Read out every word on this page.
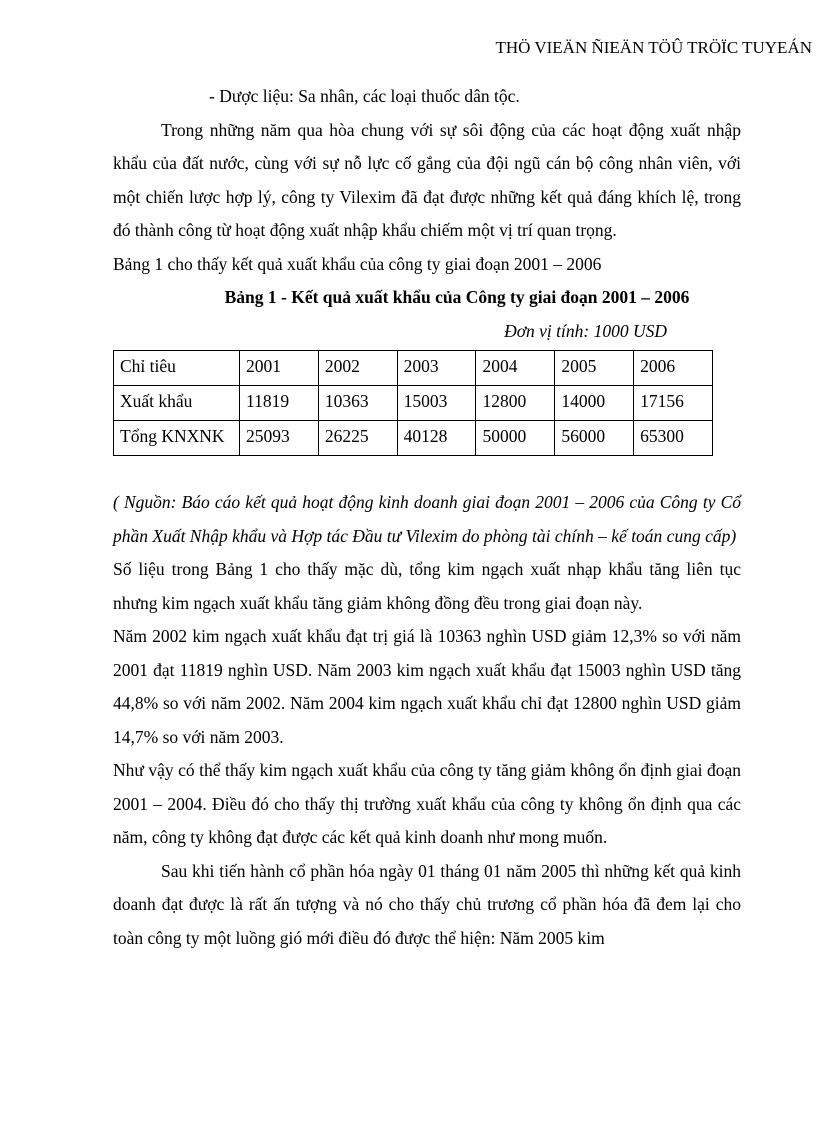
THÖ VIEÄN ÑIEÄN TÖÛ TRÖÏC TUYEÁN

- Dược liệu: Sa nhân, các loại thuốc dân tộc.

Trong những năm qua hòa chung với sự sôi động của các hoạt động xuất nhập khẩu của đất nước, cùng với sự nỗ lực cố gắng của đội ngũ cán bộ công nhân viên, với một chiến lược hợp lý, công ty Vilexim đã đạt được những kết quả đáng khích lệ, trong đó thành công từ hoạt động xuất nhập khẩu chiếm một vị trí quan trọng.

Bảng 1 cho thấy kết quả xuất khẩu của công ty giai đoạn 2001 – 2006

Bảng 1 - Kết quả xuất khẩu của Công ty giai đoạn 2001 – 2006

Đơn vị tính: 1000 USD

Chỉ tiêu	2001	2002	2003	2004	2005	2006
Xuất khẩu	11819	10363	15003	12800	14000	17156
Tổng KNXNK	25093	26225	40128	50000	56000	65300

( Nguồn: Báo cáo kết quả hoạt động kinh doanh giai đoạn 2001 – 2006 của Công ty Cổ phần Xuất Nhập khẩu và Hợp tác Đầu tư Vilexim do phòng tài chính – kế toán cung cấp)

Số liệu trong Bảng 1 cho thấy mặc dù, tổng kim ngạch xuất nhạp khẩu tăng liên tục nhưng kim ngạch xuất khẩu tăng giảm không đồng đều trong giai đoạn này.

Năm 2002 kim ngạch xuất khẩu đạt trị giá là 10363 nghìn USD giảm 12,3% so với năm 2001 đạt 11819 nghìn USD. Năm 2003 kim ngạch xuất khẩu đạt 15003 nghìn USD tăng 44,8% so với năm 2002. Năm 2004 kim ngạch xuất khẩu chỉ đạt 12800 nghìn USD giảm 14,7% so với năm 2003.

Như vậy có thể thấy kim ngạch xuất khẩu của công ty tăng giảm không ổn định giai đoạn 2001 – 2004. Điều đó cho thấy thị trường xuất khẩu của công ty không ổn định qua các năm, công ty không đạt được các kết quả kinh doanh như mong muốn.

Sau khi tiến hành cổ phần hóa ngày 01 tháng 01 năm 2005 thì những kết quả kinh doanh đạt được là rất ấn tượng và nó cho thấy chủ trương cổ phần hóa đã đem lại cho toàn công ty một luồng gió mới điều đó được thể hiện: Năm 2005 kim
